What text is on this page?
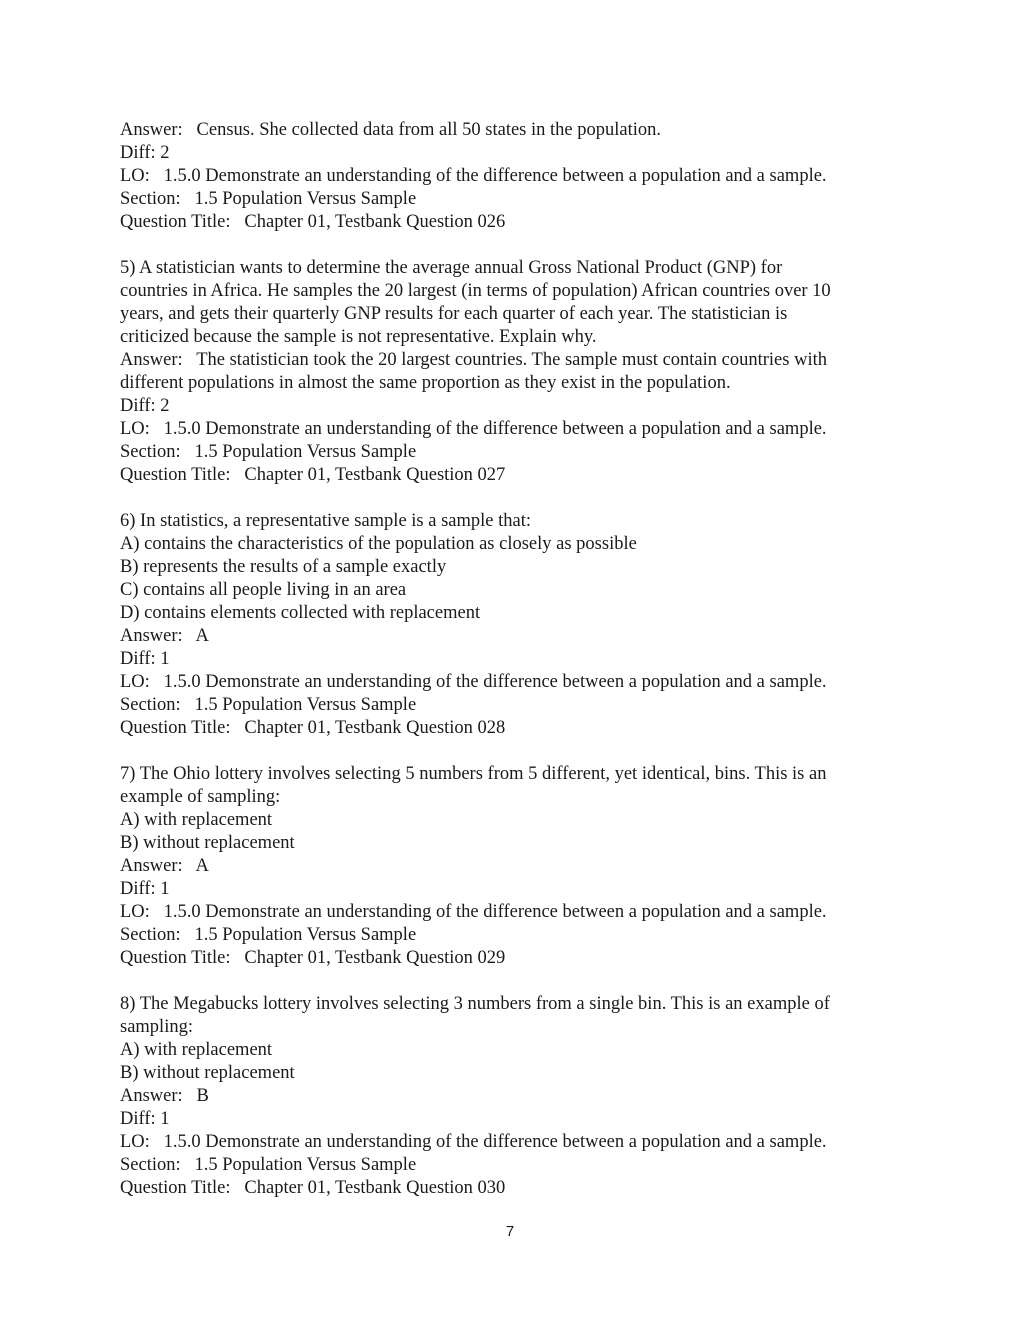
Answer:   Census. She collected data from all 50 states in the population.
Diff: 2
LO:   1.5.0 Demonstrate an understanding of the difference between a population and a sample.
Section:   1.5 Population Versus Sample
Question Title:   Chapter 01, Testbank Question 026
5) A statistician wants to determine the average annual Gross National Product (GNP) for
countries in Africa. He samples the 20 largest (in terms of population) African countries over 10
years, and gets their quarterly GNP results for each quarter of each year. The statistician is
criticized because the sample is not representative. Explain why.
Answer:   The statistician took the 20 largest countries. The sample must contain countries with
different populations in almost the same proportion as they exist in the population.
Diff: 2
LO:   1.5.0 Demonstrate an understanding of the difference between a population and a sample.
Section:   1.5 Population Versus Sample
Question Title:   Chapter 01, Testbank Question 027
6) In statistics, a representative sample is a sample that:
A) contains the characteristics of the population as closely as possible
B) represents the results of a sample exactly
C) contains all people living in an area
D) contains elements collected with replacement
Answer:   A
Diff: 1
LO:   1.5.0 Demonstrate an understanding of the difference between a population and a sample.
Section:   1.5 Population Versus Sample
Question Title:   Chapter 01, Testbank Question 028
7) The Ohio lottery involves selecting 5 numbers from 5 different, yet identical, bins. This is an
example of sampling:
A) with replacement
B) without replacement
Answer:   A
Diff: 1
LO:   1.5.0 Demonstrate an understanding of the difference between a population and a sample.
Section:   1.5 Population Versus Sample
Question Title:   Chapter 01, Testbank Question 029
8) The Megabucks lottery involves selecting 3 numbers from a single bin. This is an example of
sampling:
A) with replacement
B) without replacement
Answer:   B
Diff: 1
LO:   1.5.0 Demonstrate an understanding of the difference between a population and a sample.
Section:   1.5 Population Versus Sample
Question Title:   Chapter 01, Testbank Question 030
7
